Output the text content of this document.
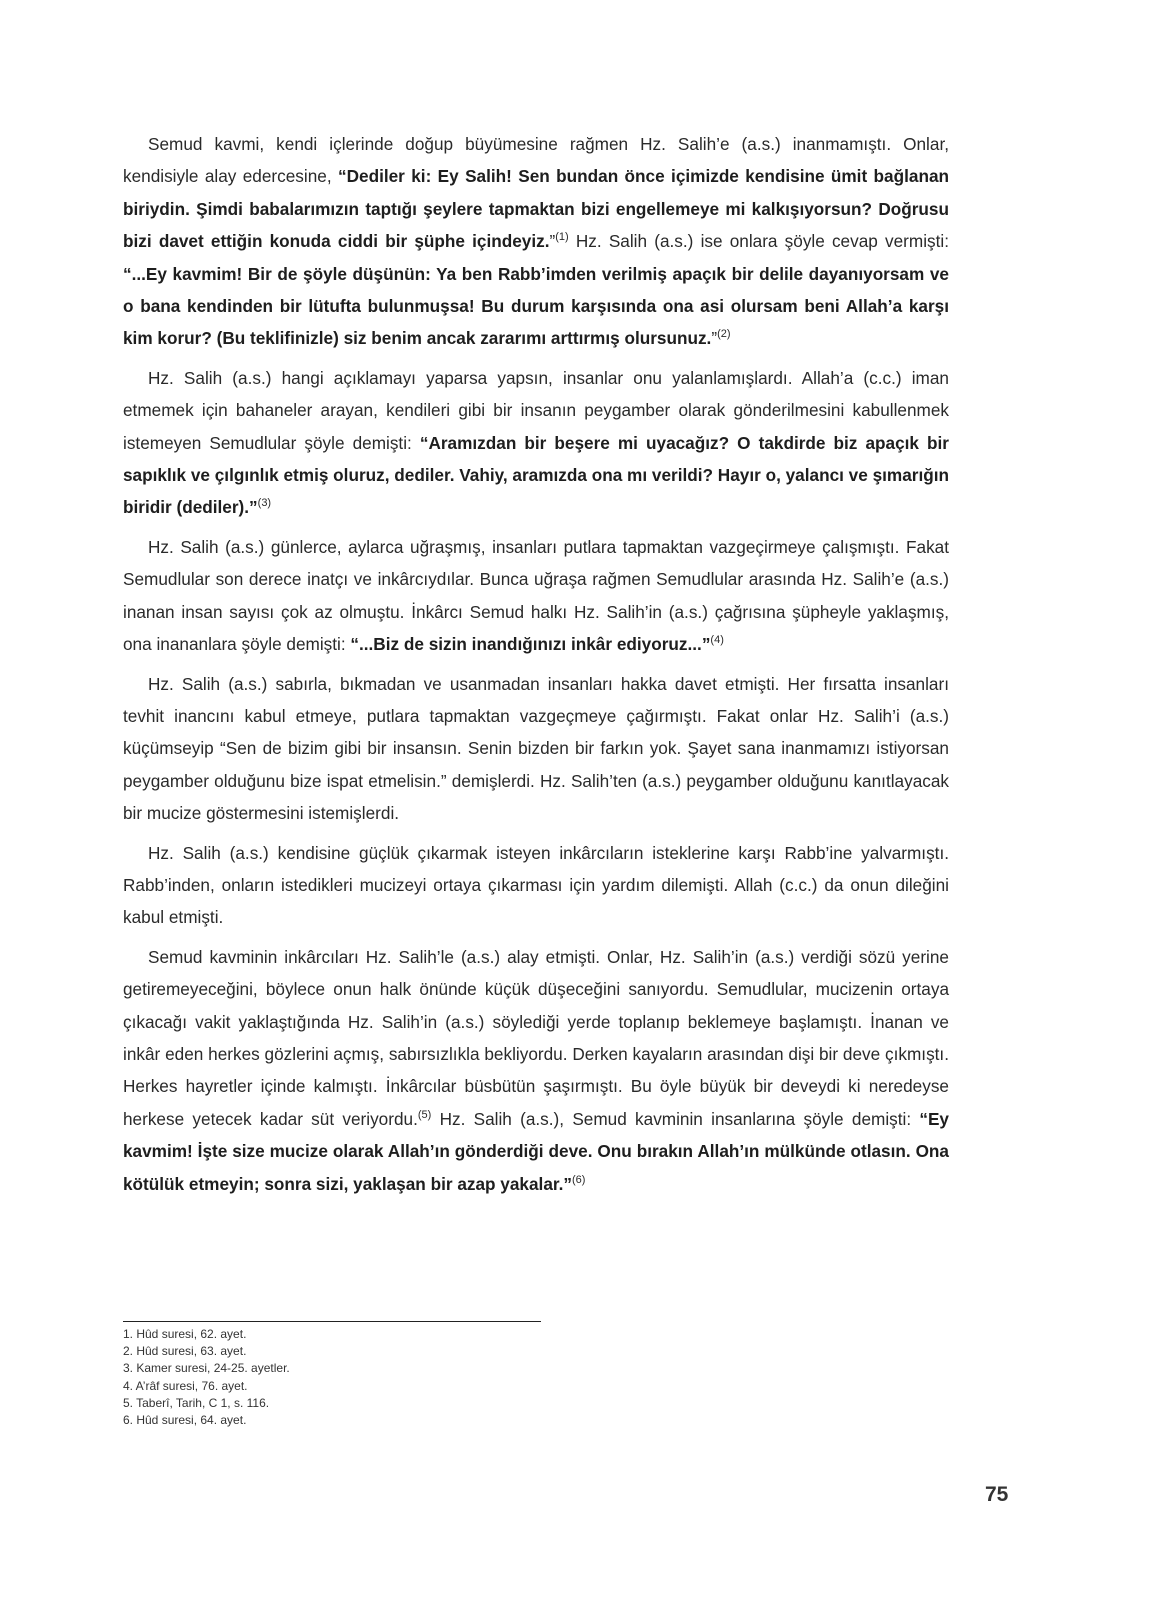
Semud kavmi, kendi içlerinde doğup büyümesine rağmen Hz. Salih’e (a.s.) inanmamıştı. Onlar, kendisiyle alay edercesine, “Dediler ki: Ey Salih! Sen bundan önce içimizde kendisine ümit bağlanan biriydin. Şimdi babalarımızın taptığı şeylere tapmaktan bizi engellemeye mi kalkışıyorsun? Doğrusu bizi davet ettiğin konuda ciddi bir şüphe içindeyiz.”$^{(1)}$ Hz. Salih (a.s.) ise onlara şöyle cevap vermişti: “...Ey kavmim! Bir de şöyle düşünün: Ya ben Rabb’imden verilmiş apaçık bir delile dayanıyorsam ve o bana kendinden bir lütufta bulunmuşsa! Bu durum karşısında ona asi olursam beni Allah’a karşı kim korur? (Bu teklifinizle) siz benim ancak zararımı arttırmış olursunuz.”$^{(2)}$

Hz. Salih (a.s.) hangi açıklamayı yaparsa yapsın, insanlar onu yalanlamışlardı. Allah’a (c.c.) iman etmemek için bahaneler arayan, kendileri gibi bir insanın peygamber olarak gönderilmesini kabullenmek istemeyen Semudlular şöyle demişti: “Aramızdan bir beşere mi uyacağız? O takdirde biz apaçık bir sapıklık ve çılgınlık etmiş oluruz, dediler. Vahiy, aramızda ona mı verildi? Hayır o, yalancı ve şımarığın biridir (dediler).”$^{(3)}$

Hz. Salih (a.s.) günlerce, aylarca uğraşmış, insanları putlara tapmaktan vazgeçirmeye çalışmıştı. Fakat Semudlular son derece inatçı ve inkârcıydılar. Bunca uğraşa rağmen Semudlular arasında Hz. Salih’e (a.s.) inanan insan sayısı çok az olmuştu. İnkârcı Semud halkı Hz. Salih’in (a.s.) çağrısına şüpheyle yaklaşmış, ona inananlara şöyle demişti: “...Biz de sizin inandığınızı inkâr ediyoruz...”$^{(4)}$

Hz. Salih (a.s.) sabırla, bıkmadan ve usanmadan insanları hakka davet etmişti. Her fırsatta insanları tevhit inancını kabul etmeye, putlara tapmaktan vazgeçmeye çağırmıştı. Fakat onlar Hz. Salih’i (a.s.) küçümseyip “Sen de bizim gibi bir insansın. Senin bizden bir farkın yok. Şayet sana inanmamızı istiyorsan peygamber olduğunu bize ispat etmelisin.” demişlerdi. Hz. Salih’ten (a.s.) peygamber olduğunu kanıtlayacak bir mucize göstermesini istemişlerdi.

Hz. Salih (a.s.) kendisine güçlük çıkarmak isteyen inkârcıların isteklerine karşı Rabb’ine yalvarmıştı. Rabb’inden, onların istedikleri mucizeyi ortaya çıkarması için yardım dilemişti. Allah (c.c.) da onun dileğini kabul etmişti.

Semud kavminin inkârcıları Hz. Salih’le (a.s.) alay etmişti. Onlar, Hz. Salih’in (a.s.) verdiği sözü yerine getiremeyeceğini, böylece onun halk önünde küçük düşeceğini sanıyordu. Semudlular, mucizenin ortaya çıkacağı vakit yaklaştığında Hz. Salih’in (a.s.) söylediği yerde toplanıp beklemeye başlamıştı. İnanan ve inkâr eden herkes gözlerini açmış, sabırsızlıkla bekliyordu. Derken kayaların arasından dişi bir deve çıkmıştı. Herkes hayretler içinde kalmıştı. İnkârcılar büsbütün şaşırmıştı. Bu öyle büyük bir deveydi ki neredeyse herkese yetecek kadar süt veriyordu.$^{(5)}$ Hz. Salih (a.s.), Semud kavminin insanlarına şöyle demişti: “Ey kavmim! İşte size mucize olarak Allah’ın gönderdiği deve. Onu bırakın Allah’ın mülkünde otlasın. Ona kötülük etmeyin; sonra sizi, yaklaşan bir azap yakalar.”$^{(6)}$

1. Hûd suresi, 62. ayet.
2. Hûd suresi, 63. ayet.
3. Kamer suresi, 24-25. ayetler.
4. A’râf suresi, 76. ayet.
5. Taberî, Tarih, C 1, s. 116.
6. Hûd suresi, 64. ayet.
75
